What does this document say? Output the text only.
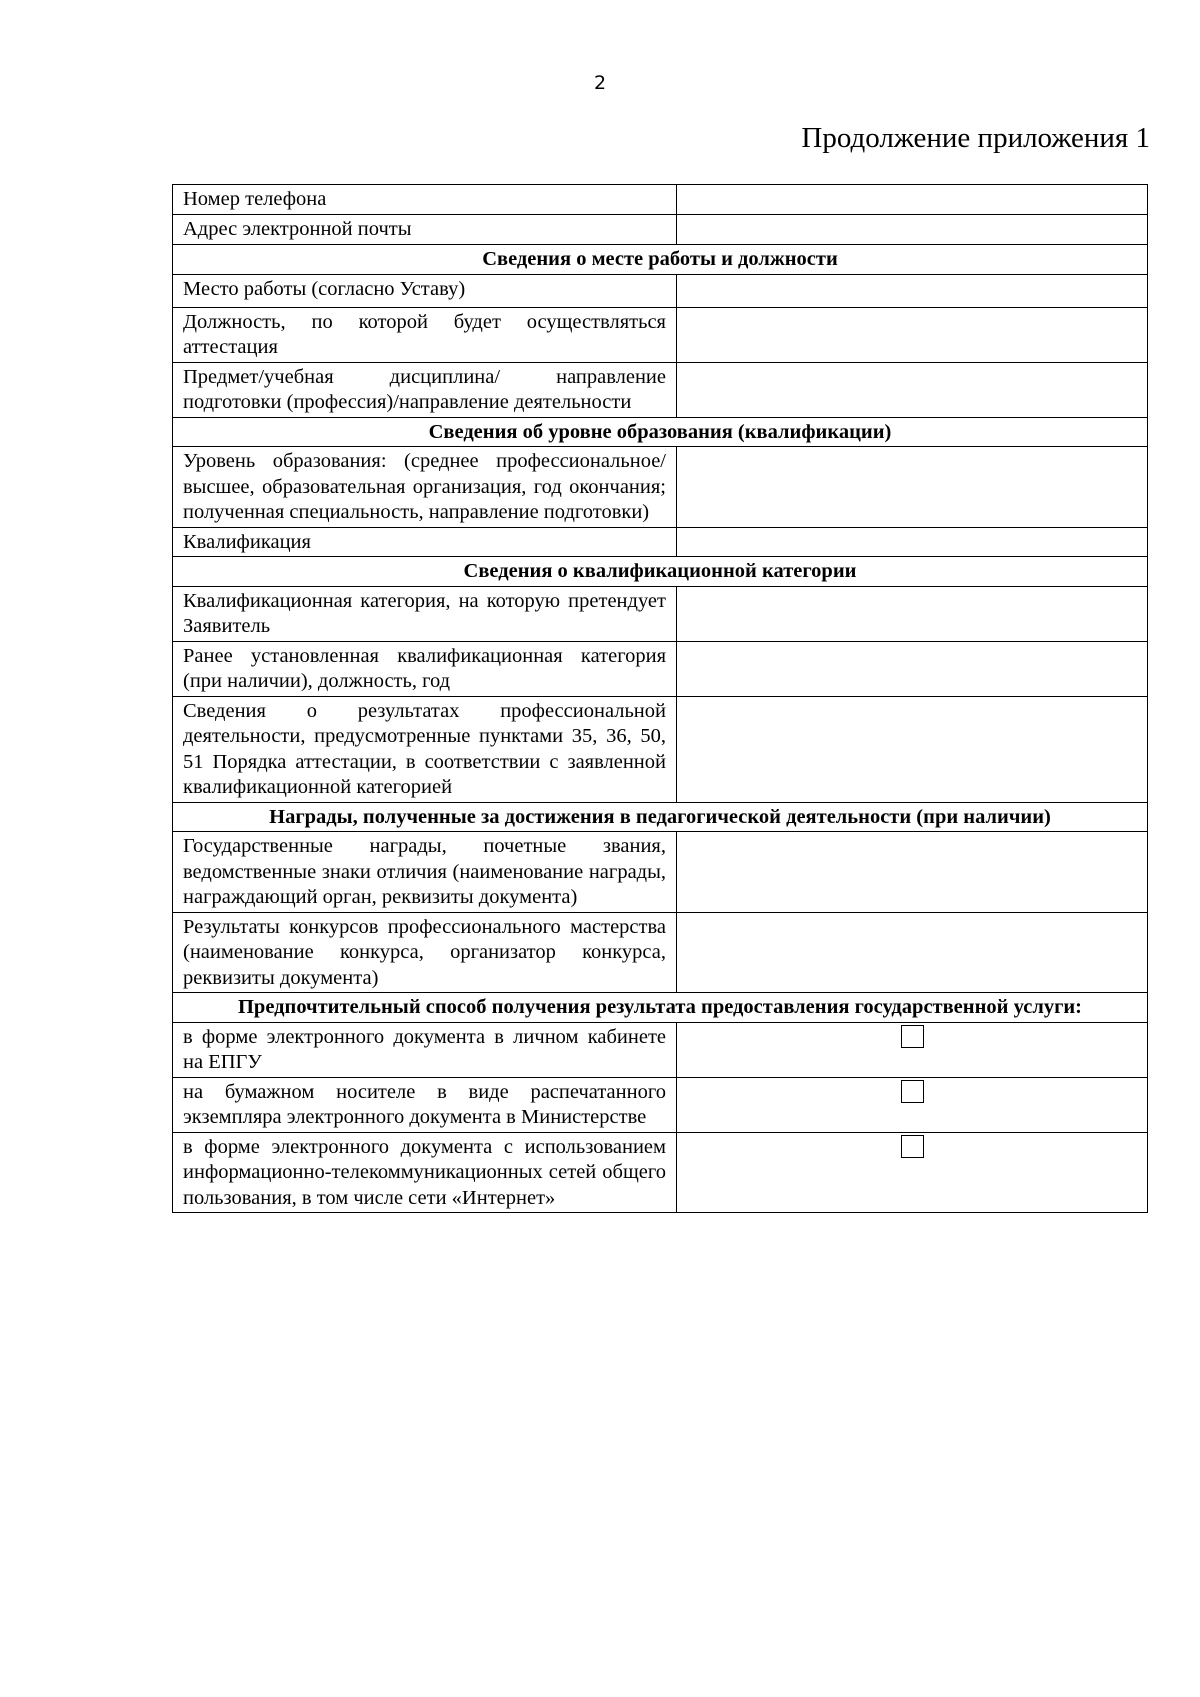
2
Продолжение приложения 1
Номер телефона	
Адрес электронной почты	
Сведения о месте работы и должности	
Место работы (согласно Уставу)	
Должность, по которой будет осуществляться аттестация	
Предмет/учебная дисциплина/ направление подготовки (профессия)/направление деятельности	
Сведения об уровне образования (квалификации)	
Уровень образования: (среднее профессиональное/высшее, образовательная организация, год окончания; полученная специальность, направление подготовки)	
Квалификация	
Сведения о квалификационной категории	
Квалификационная категория, на которую претендует Заявитель	
Ранее установленная квалификационная категория (при наличии), должность, год	
Сведения о результатах профессиональной деятельности, предусмотренные пунктами 35, 36, 50, 51 Порядка аттестации, в соответствии с заявленной квалификационной категорией	
Награды, полученные за достижения в педагогической деятельности (при наличии)	
Государственные награды, почетные звания, ведомственные знаки отличия (наименование награды, награждающий орган, реквизиты документа)	
Результаты конкурсов профессионального мастерства (наименование конкурса, организатор конкурса, реквизиты документа)	
Предпочтительный способ получения результата предоставления государственной услуги:	
в форме электронного документа в личном кабинете на ЕПГУ	
на бумажном носителе в виде распечатанного экземпляра электронного документа в Министерстве	
в форме электронного документа с использованием информационно-телекоммуникационных сетей общего пользования, в том числе сети «Интернет»	
